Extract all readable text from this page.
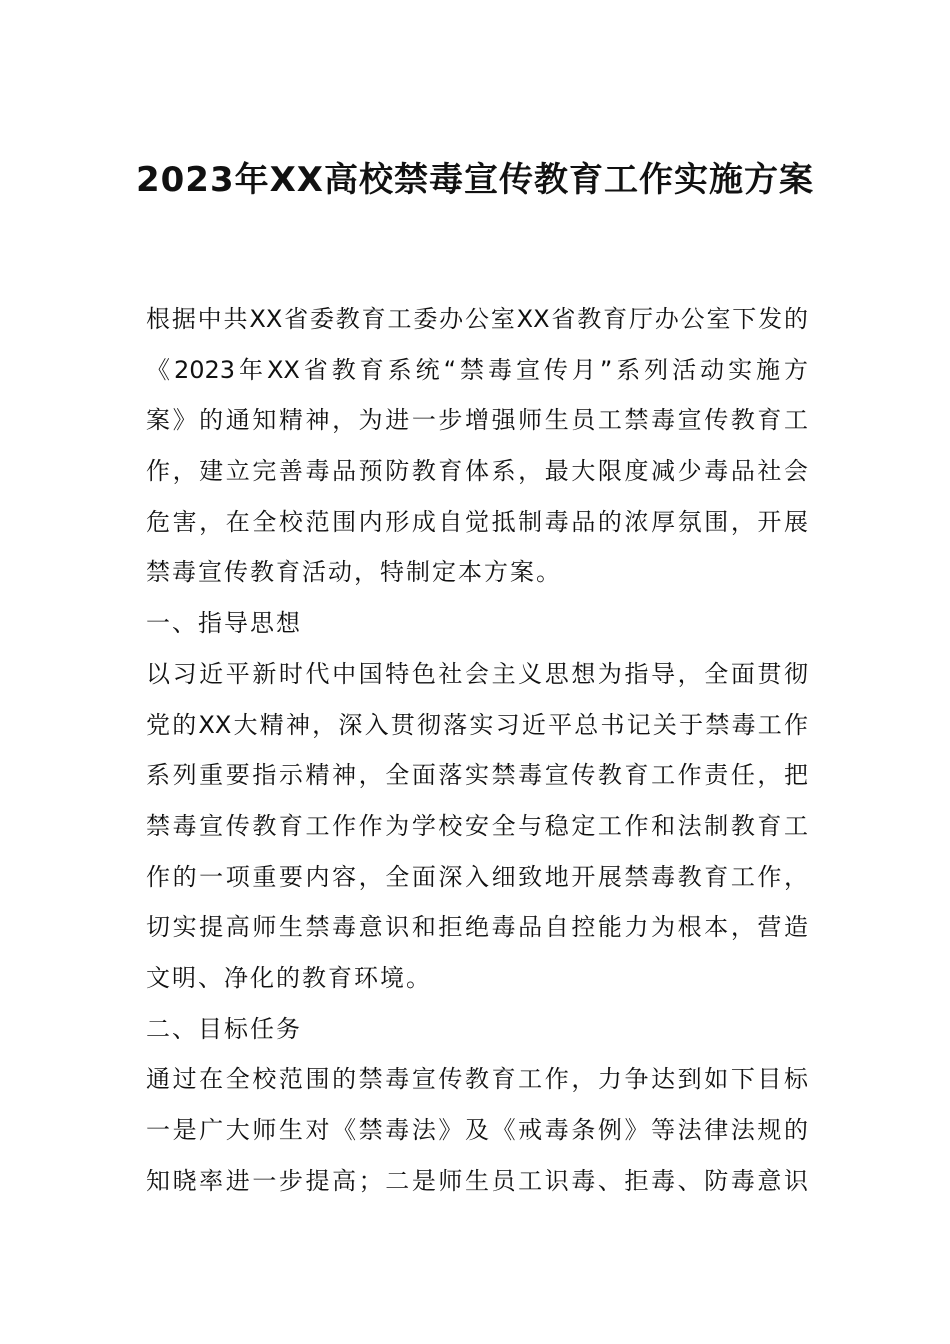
2023年XX高校禁毒宣传教育工作实施方案
根据中共XX省委教育工委办公室XX省教育厅办公室下发的
《2023年XX省教育系统“禁毒宣传月”系列活动实施方
案》的通知精神，为进一步增强师生员工禁毒宣传教育工
作，建立完善毒品预防教育体系，最大限度减少毒品社会
危害，在全校范围内形成自觉抵制毒品的浓厚氛围，开展
禁毒宣传教育活动，特制定本方案。
一、指导思想
以习近平新时代中国特色社会主义思想为指导，全面贯彻
党的XX大精神，深入贯彻落实习近平总书记关于禁毒工作
系列重要指示精神，全面落实禁毒宣传教育工作责任，把
禁毒宣传教育工作作为学校安全与稳定工作和法制教育工
作的一项重要内容，全面深入细致地开展禁毒教育工作，
切实提高师生禁毒意识和拒绝毒品自控能力为根本，营造
文明、净化的教育环境。
二、目标任务
通过在全校范围的禁毒宣传教育工作，力争达到如下目标
一是广大师生对《禁毒法》及《戒毒条例》等法律法规的
知晓率进一步提高；二是师生员工识毒、拒毒、防毒意识
